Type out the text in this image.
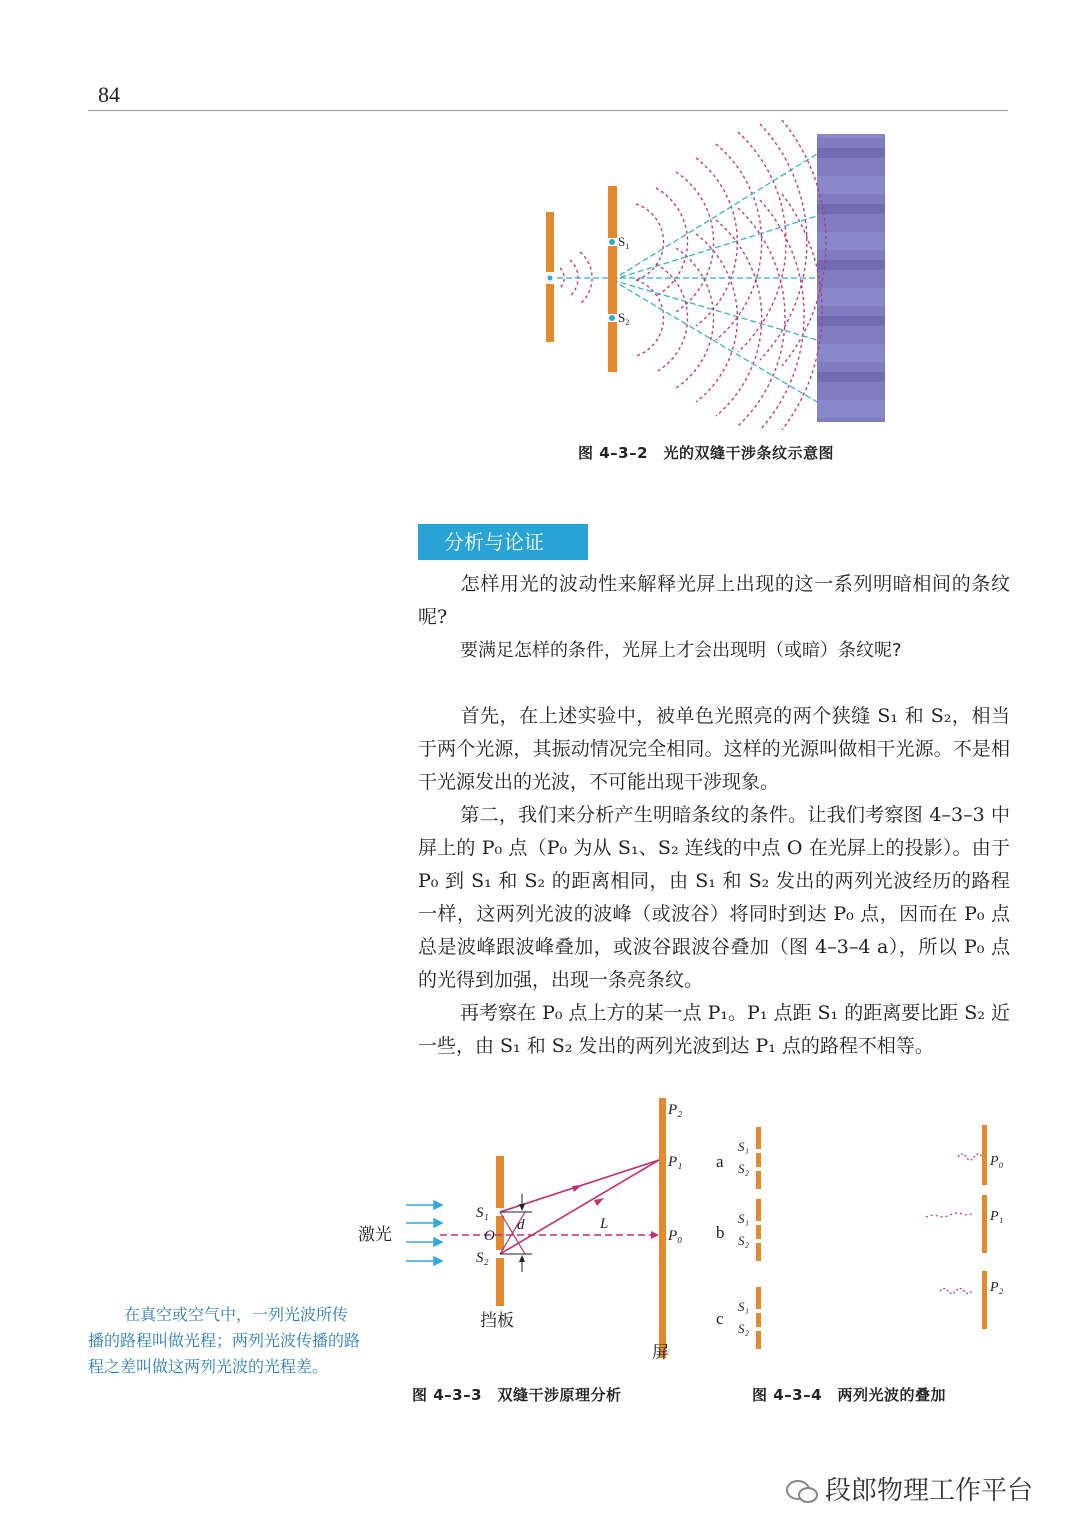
84
$S_1$
$S_2$
图 4–3–2　光的双缝干涉条纹示意图
分析与论证

怎样用光的波动性来解释光屏上出现的这一系列明暗相间的条纹呢?

要满足怎样的条件，光屏上才会出现明（或暗）条纹呢?

首先，在上述实验中，被单色光照亮的两个狭缝 S₁ 和 S₂，相当于两个光源，其振动情况完全相同。这样的光源叫做相干光源。不是相干光源发出的光波，不可能出现干涉现象。

第二，我们来分析产生明暗条纹的条件。让我们考察图 4–3–3 中屏上的 P₀ 点（P₀ 为从 S₁、S₂ 连线的中点 O 在光屏上的投影）。由于 P₀ 到 S₁ 和 S₂ 的距离相同，由 S₁ 和 S₂ 发出的两列光波经历的路程一样，这两列光波的波峰（或波谷）将同时到达 P₀ 点，因而在 P₀ 点总是波峰跟波峰叠加，或波谷跟波谷叠加（图 4–3–4 a），所以 P₀ 点的光得到加强，出现一条亮条纹。

再考察在 P₀ 点上方的某一点 P₁。P₁ 点距 S₁ 的距离要比距 S₂ 近一些，由 S₁ 和 S₂ 发出的两列光波到达 P₁ 点的路程不相等。

激光
S₁
S₂
O
d	L
P₂
P₁
P₀
挡板
屏
图 4–3–3　双缝干涉原理分析
a
S₁
S₂	P₀
b
S₁
S₂
P₁
c
S₁
S₂
P₂
图 4–3–4　两列光波的叠加

在真空或空气中，一列光波所传播的路程叫做光程；两列光波传播的路程之差叫做这两列光波的光程差。

段郎物理工作平台
